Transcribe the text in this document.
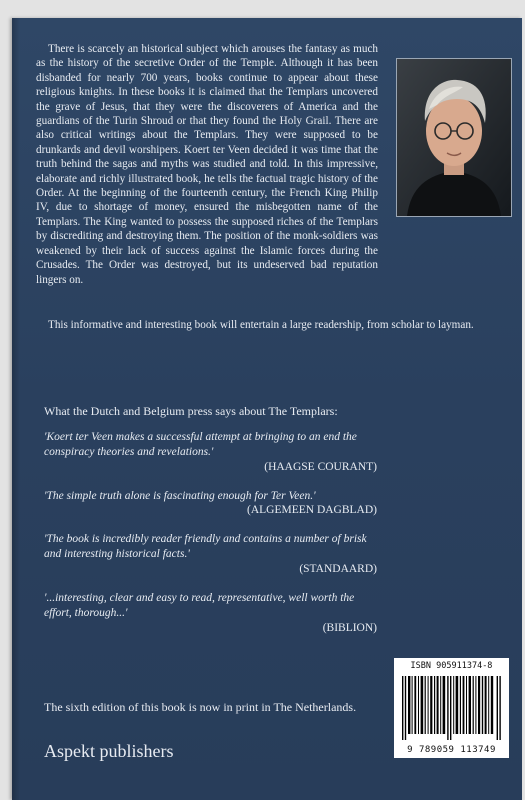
There is scarcely an historical subject which arouses the fantasy as much as the history of the secretive Order of the Temple. Although it has been disbanded for nearly 700 years, books continue to appear about these religious knights. In these books it is claimed that the Templars uncovered the grave of Jesus, that they were the discoverers of America and the guardians of the Turin Shroud or that they found the Holy Grail. There are also critical writings about the Templars. They were supposed to be drunkards and devil worshipers. Koert ter Veen decided it was time that the truth behind the sagas and myths was studied and told. In this impressive, elaborate and richly illustrated book, he tells the factual tragic history of the Order. At the beginning of the fourteenth century, the French King Philip IV, due to shortage of money, ensured the misbegotten name of the Templars. The King wanted to possess the supposed riches of the Templars by discrediting and destroying them. The position of the monk-soldiers was weakened by their lack of success against the Islamic forces during the Crusades. The Order was destroyed, but its undeserved bad reputation lingers on.

This informative and interesting book will entertain a large readership, from scholar to layman.

What the Dutch and Belgium press says about The Templars:

'Koert ter Veen makes a successful attempt at bringing to an end the conspiracy theories and revelations.'

(HAAGSE COURANT)

'The simple truth alone is fascinating enough for Ter Veen.'

(ALGEMEEN DAGBLAD)

'The book is incredibly reader friendly and contains a number of brisk and interesting historical facts.'

(STANDAARD)

'...interesting, clear and easy to read, representative, well worth the effort, thorough...'

(BIBLION)

The sixth edition of this book is now in print in The Netherlands.

Aspekt publishers

ISBN 905911374-8

9 789059 113749
